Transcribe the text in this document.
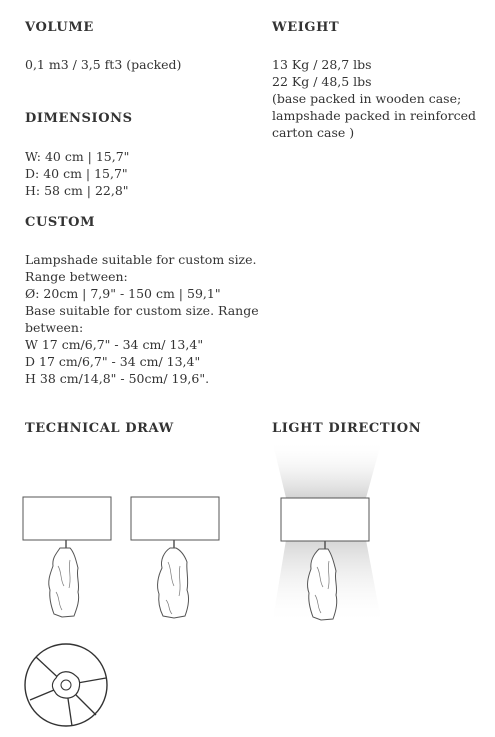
VOLUME
0,1 m3 / 3,5 ft3 (packed)
WEIGHT
13 Kg / 28,7 lbs
22 Kg / 48,5 lbs
(base packed in wooden case;
lampshade packed in reinforced
carton case )
DIMENSIONS
W: 40 cm | 15,7"
D: 40 cm | 15,7"
H: 58 cm | 22,8"
CUSTOM
Lampshade suitable for custom size.
Range between:
Ø: 20cm | 7,9" - 150 cm | 59,1"
Base suitable for custom size. Range
between:
W 17 cm/6,7" - 34 cm/ 13,4"
D 17 cm/6,7" - 34 cm/ 13,4"
H 38 cm/14,8" - 50cm/ 19,6".
TECHNICAL DRAW	LIGHT DIRECTION
